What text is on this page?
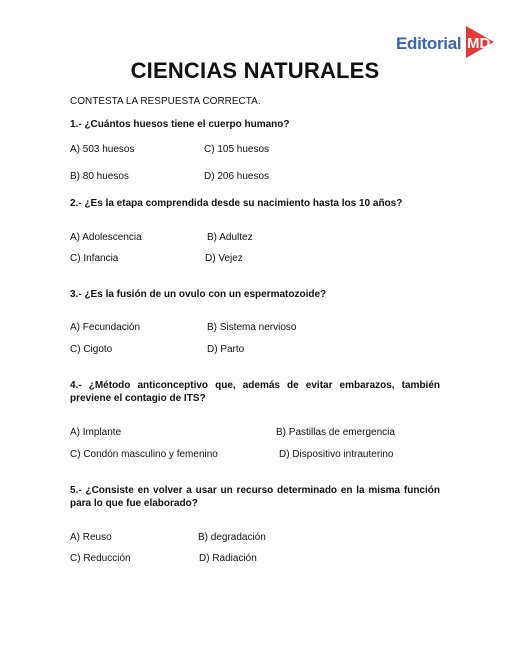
Editorial MD
CIENCIAS NATURALES
CONTESTA LA RESPUESTA CORRECTA.
1.- ¿Cuántos huesos tiene el cuerpo humano?
A) 503 huesos	C) 105 huesos
B) 80 huesos	D) 206 huesos
2.- ¿Es la etapa comprendida desde su nacimiento hasta los 10 años?
A) Adolescencia	B) Adultez
C) Infancia	D) Vejez
3.- ¿Es la fusión de un ovulo con un espermatozoide?
A) Fecundación	B) Sistema nervioso
C) Cigoto	D) Parto
4.- ¿Método anticonceptivo que, además de evitar embarazos, también previene el contagio de ITS?
A) Implante	B) Pastillas de emergencia
C) Condón masculino y femenino	D) Dispositivo intrauterino
5.- ¿Consiste en volver a usar un recurso determinado en la misma función para lo que fue elaborado?
A) Reuso	B) degradación
C) Reducción	D) Radiación
